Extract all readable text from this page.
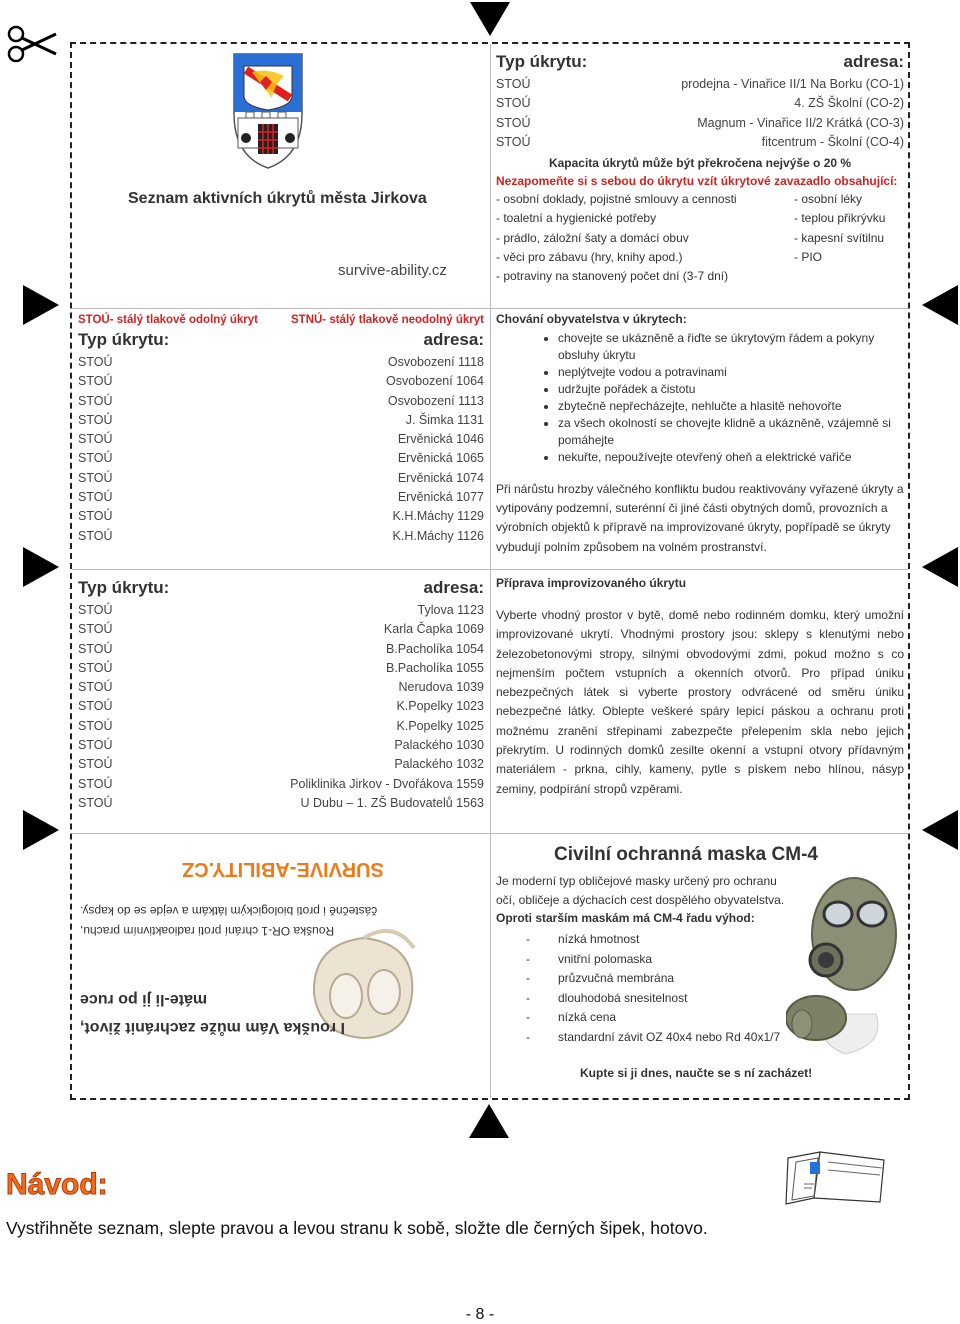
Seznam aktivních úkrytů města Jirkova
survive-ability.cz
Typ úkrytu:	adresa:
STOÚ	prodejna - Vinařice II/1 Na Borku (CO-1)
STOÚ	4. ZŠ Školní (CO-2)
STOÚ	Magnum - Vinařice II/2 Krátká (CO-3)
STOÚ	fitcentrum - Školní (CO-4)
Kapacita úkrytů může být překročena nejvýše o 20 %
Nezapomeňte si s sebou do úkrytu vzít úkrytové zavazadlo obsahující:
- osobní doklady, pojistné smlouvy a cennosti
- toaletní a hygienické potřeby
- prádlo, záložní šaty a domácí obuv
- věci pro zábavu (hry, knihy apod.)
- potraviny na stanovený počet dní (3-7 dní)
- osobní léky
- teplou přikrývku
- kapesní svítilnu
- PIO
STOÚ- stálý tlakově odolný úkryt	STNÚ- stálý tlakově neodolný úkryt
Typ úkrytu:	adresa:
STOÚ	Osvobození 1118
STOÚ	Osvobození 1064
STOÚ	Osvobození 1113
STOÚ	J. Šimka 1131
STOÚ	Ervěnická 1046
STOÚ	Ervěnická 1065
STOÚ	Ervěnická 1074
STOÚ	Ervěnická 1077
STOÚ	K.H.Máchy 1129
STOÚ	K.H.Máchy 1126
Chování obyvatelstva v úkrytech:
• chovejte se ukázněně a řiďte se úkrytovým řádem a pokyny obsluhy úkrytu
• neplýtvejte vodou a potravinami
• udržujte pořádek a čistotu
• zbytečně nepřecházejte, nehlučte a hlasitě nehovořte
• za všech okolností se chovejte klidně a ukázněně, vzájemně si pomáhejte
• nekuřte, nepoužívejte otevřený oheň a elektrické vařiče
Při nárůstu hrozby válečného konfliktu budou reaktivovány vyřazené úkryty a vytipovány podzemní, suterénní či jiné části obytných domů, provozních a výrobních objektů k přípravě na improvizované úkryty, popřípadě se úkryty vybudují polním způsobem na volném prostranství.
Typ úkrytu:	adresa:
STOÚ	Tylova 1123
STOÚ	Karla Čapka 1069
STOÚ	B.Pacholíka 1054
STOÚ	B.Pacholíka 1055
STOÚ	Nerudova 1039
STOÚ	K.Popelky 1023
STOÚ	K.Popelky 1025
STOÚ	Palackého 1030
STOÚ	Palackého 1032
STOÚ	Poliklinika Jirkov - Dvořákova 1559
STOÚ	U Dubu – 1. ZŠ Budovatelů 1563
Příprava improvizovaného úkrytu
Vyberte vhodný prostor v bytě, domě nebo rodinném domku, který umožní improvizované ukrytí. Vhodnými prostory jsou: sklepy s klenutými nebo železobetonovými stropy, silnými obvodovými zdmi, pokud možno s co nejmenším počtem vstupních a okenních otvorů. Pro případ úniku nebezpečných látek si vyberte prostory odvrácené od směru úniku nebezpečné látky. Oblepte veškeré spáry lepicí páskou a ochranu proti možnému zranění střepinami zabezpečte přelepením skla nebo jejich překrytím. U rodinných domků zesilte okenní a vstupní otvory přídavným materiálem - prkna, cihly, kameny, pytle s pískem nebo hlínou, násyp zeminy, podpírání stropů vzpěrami.
SURVIVE-ABILITY.CZ
Rouška OR-1 chrání proti radioaktivním prachu,
částečně i proti biologickým látkám a vejde se do kapsy.
máte-li ji po ruce
I rouška Vám může zachránit život,
Civilní ochranná maska CM-4
Je moderní typ obličejové masky určený pro ochranu očí, obličeje a dýchacích cest dospělého obyvatelstva.
Oproti starším maskám má CM-4 řadu výhod:
- nízká hmotnost
- vnitřní polomaska
- průzvučná membrána
- dlouhodobá snesitelnost
- nízká cena
- standardní závit OZ 40x4 nebo Rd 40x1/7
Kupte si ji dnes, naučte se s ní zacházet!
Návod:
Vystřihněte seznam, slepte pravou a levou stranu k sobě, složte dle černých šipek, hotovo.
- 8 -
